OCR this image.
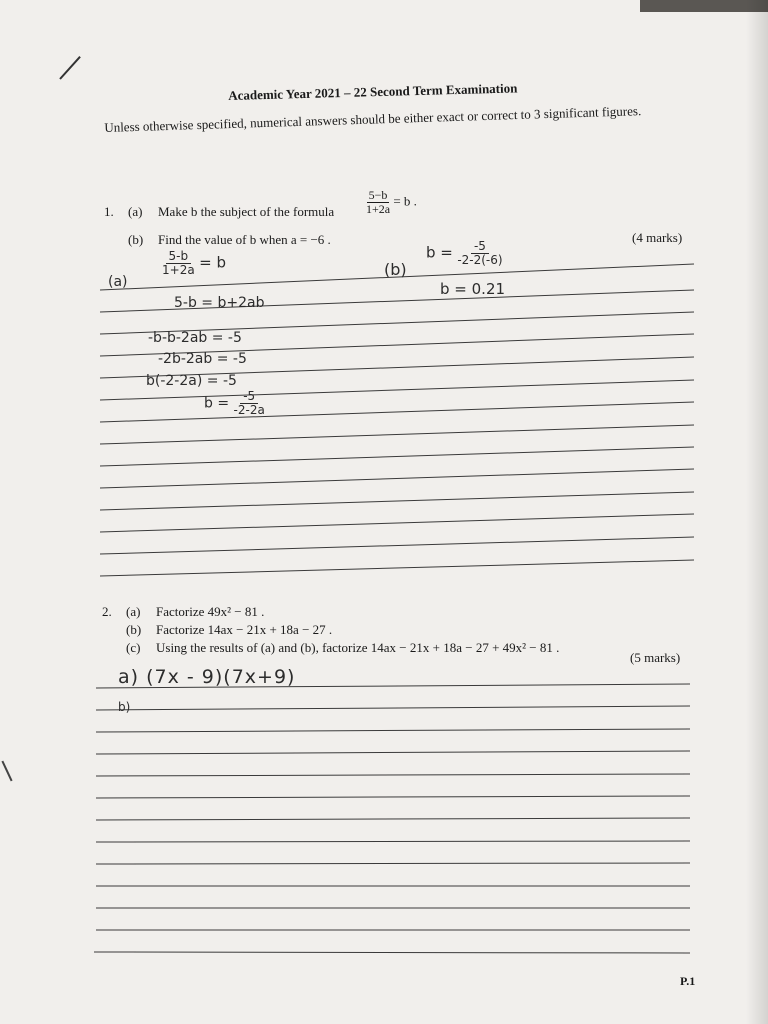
Academic Year 2021 – 22 Second Term Examination
Unless otherwise specified, numerical answers should be either exact or correct to 3 significant figures.
1. (a) Make b the subject of the formula	$\frac{5-b}{1+2a} = b$ .
(b) Find the value of b when a = −6 .	(4 marks)
(a)
$\frac{5-b}{1+2a} = b$
5-b = b+2ab
-b-b-2ab = -5
-2b-2ab = -5
b(-2-2a) = -5
$b = \frac{-5}{-2-2a}$
(b)
$b = \frac{-5}{-2-2(-6)}$
b = 0.21
2. (a) Factorize 49x² − 81 .
(b) Factorize 14ax − 21x + 18a − 27 .
(c) Using the results of (a) and (b), factorize 14ax − 21x + 18a − 27 + 49x² − 81 .
(5 marks)
a) (7x - 9)(7x+9)
b)
P.1
